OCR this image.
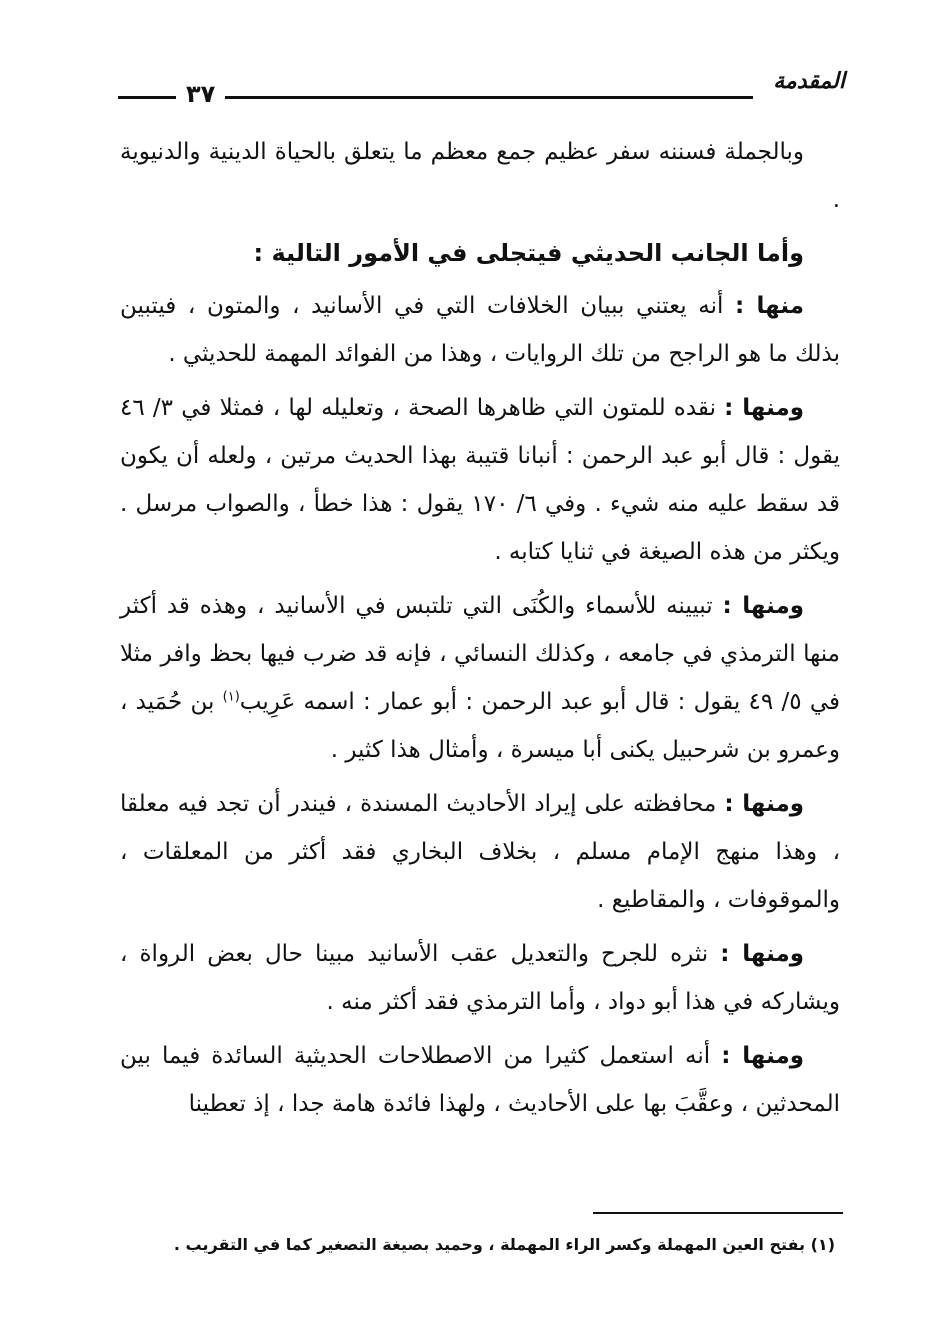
المقدمة
٣٧

وبالجملة فسننه سفر عظيم جمع معظم ما يتعلق بالحياة الدينية والدنيوية .

وأما الجانب الحديثي فيتجلى في الأمور التالية :

منها : أنه يعتني ببيان الخلافات التي في الأسانيد ، والمتون ، فيتبين بذلك ما هو الراجح من تلك الروايات ، وهذا من الفوائد المهمة للحديثي .

ومنها : نقده للمتون التي ظاهرها الصحة ، وتعليله لها ، فمثلا في ٣/ ٤٦ يقول : قال أبو عبد الرحمن : أنبانا قتيبة بهذا الحديث مرتين ، ولعله أن يكون قد سقط عليه منه شيء . وفي ٦/ ١٧٠ يقول : هذا خطأ ، والصواب مرسل . ويكثر من هذه الصيغة في ثنايا كتابه .

ومنها : تبيينه للأسماء والكُنَى التي تلتبس في الأسانيد ، وهذه قد أكثر منها الترمذي في جامعه ، وكذلك النسائي ، فإنه قد ضرب فيها بحظ وافر مثلا في ٥/ ٤٩ يقول : قال أبو عبد الرحمن : أبو عمار : اسمه عَرِيب$^{(١)}$ بن حُمَيد ، وعمرو بن شرحبيل يكنى أبا ميسرة ، وأمثال هذا كثير .

ومنها : محافظته على إيراد الأحاديث المسندة ، فيندر أن تجد فيه معلقا ، وهذا منهج الإمام مسلم ، بخلاف البخاري فقد أكثر من المعلقات ، والموقوفات ، والمقاطيع .

ومنها : نثره للجرح والتعديل عقب الأسانيد مبينا حال بعض الرواة ، ويشاركه في هذا أبو دواد ، وأما الترمذي فقد أكثر منه .

ومنها : أنه استعمل كثيرا من الاصطلاحات الحديثية السائدة فيما بين المحدثين ، وعقَّبَ بها على الأحاديث ، ولهذا فائدة هامة جدا ، إذ تعطينا

(١) بفتح العين المهملة وكسر الراء المهملة ، وحميد بصيغة التصغير كما في التقريب .
